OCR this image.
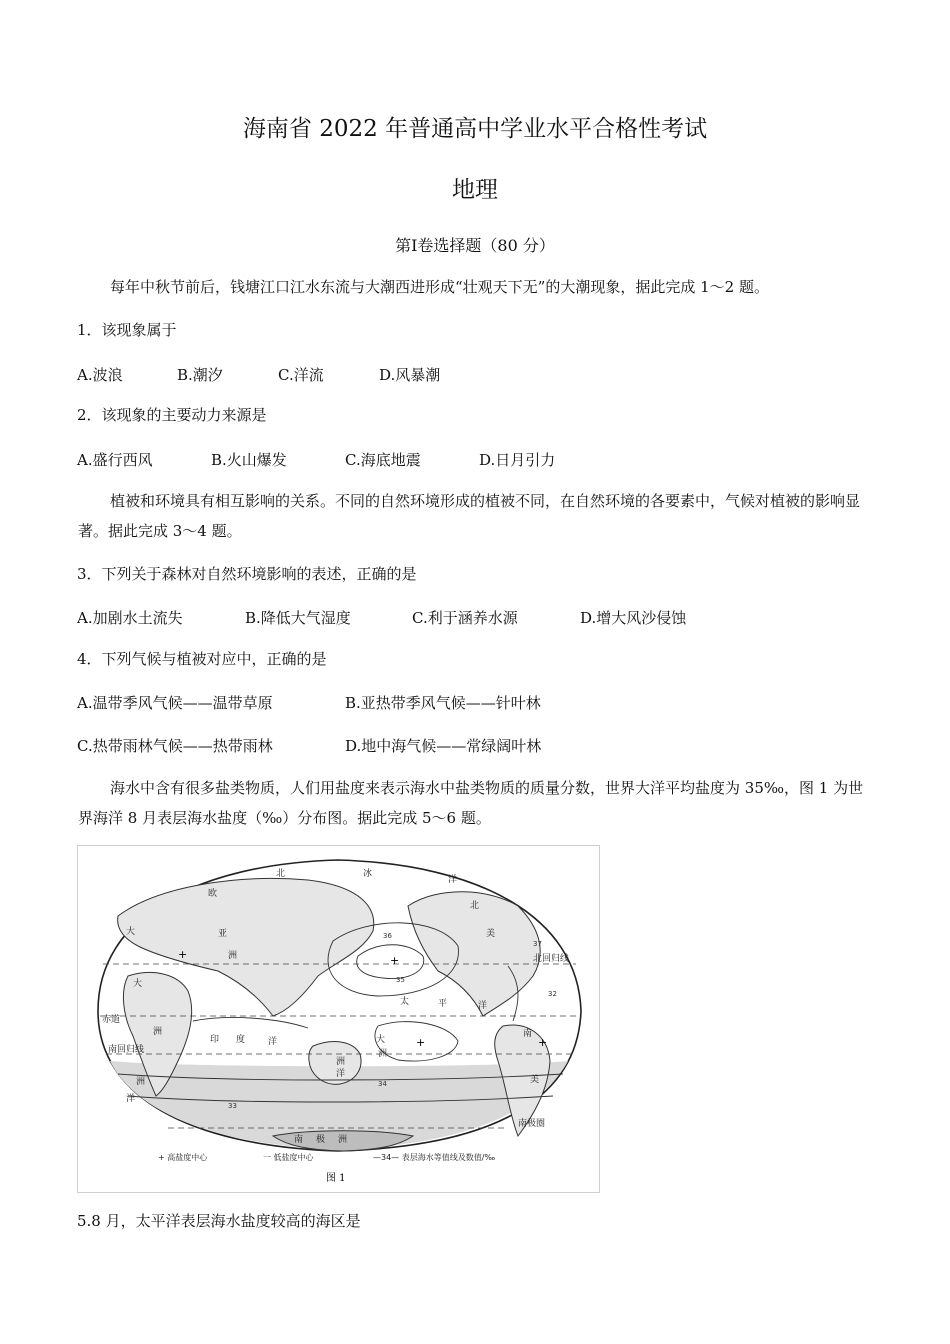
海南省 2022 年普通高中学业水平合格性考试
地理
第Ⅰ卷选择题（80 分）
每年中秋节前后，钱塘江口江水东流与大潮西进形成“壮观天下无”的大潮现象，据此完成 1～2 题。
1．该现象属于
A.波浪	B.潮汐	C.洋流	D.风暴潮
2．该现象的主要动力来源是
A.盛行西风	B.火山爆发	C.海底地震	D.日月引力
植被和环境具有相互影响的关系。不同的自然环境形成的植被不同，在自然环境的各要素中，气候对植被的影响显著。据此完成 3～4 题。
3．下列关于森林对自然环境影响的表述，正确的是
A.加剧水土流失	B.降低大气湿度	C.利于涵养水源	D.增大风沙侵蚀
4．下列气候与植被对应中，正确的是
A.温带季风气候——温带草原	B.亚热带季风气候——针叶林
C.热带雨林气候——热带雨林	D.地中海气候——常绿阔叶林
海水中含有很多盐类物质，人们用盐度来表示海水中盐类物质的质量分数，世界大洋平均盐度为 35‰，图 1 为世界海洋 8 月表层海水盐度（‰）分布图。据此完成 5～6 题。
+
+
+
+
北	冰
洋
亚
欧
大
北
美
洲
大
洲
洲
赤道
印 度	洋
太	平	洋
大
洋
洲
南
美
南回归线
南 极 洲
南极圈
北回归线
洲
洋
37
36
35
34
33
32
+ 高盐度中心	一 低盐度中心	—34— 表层海水等值线及数值/‰
图 1
5.8 月，太平洋表层海水盐度较高的海区是
